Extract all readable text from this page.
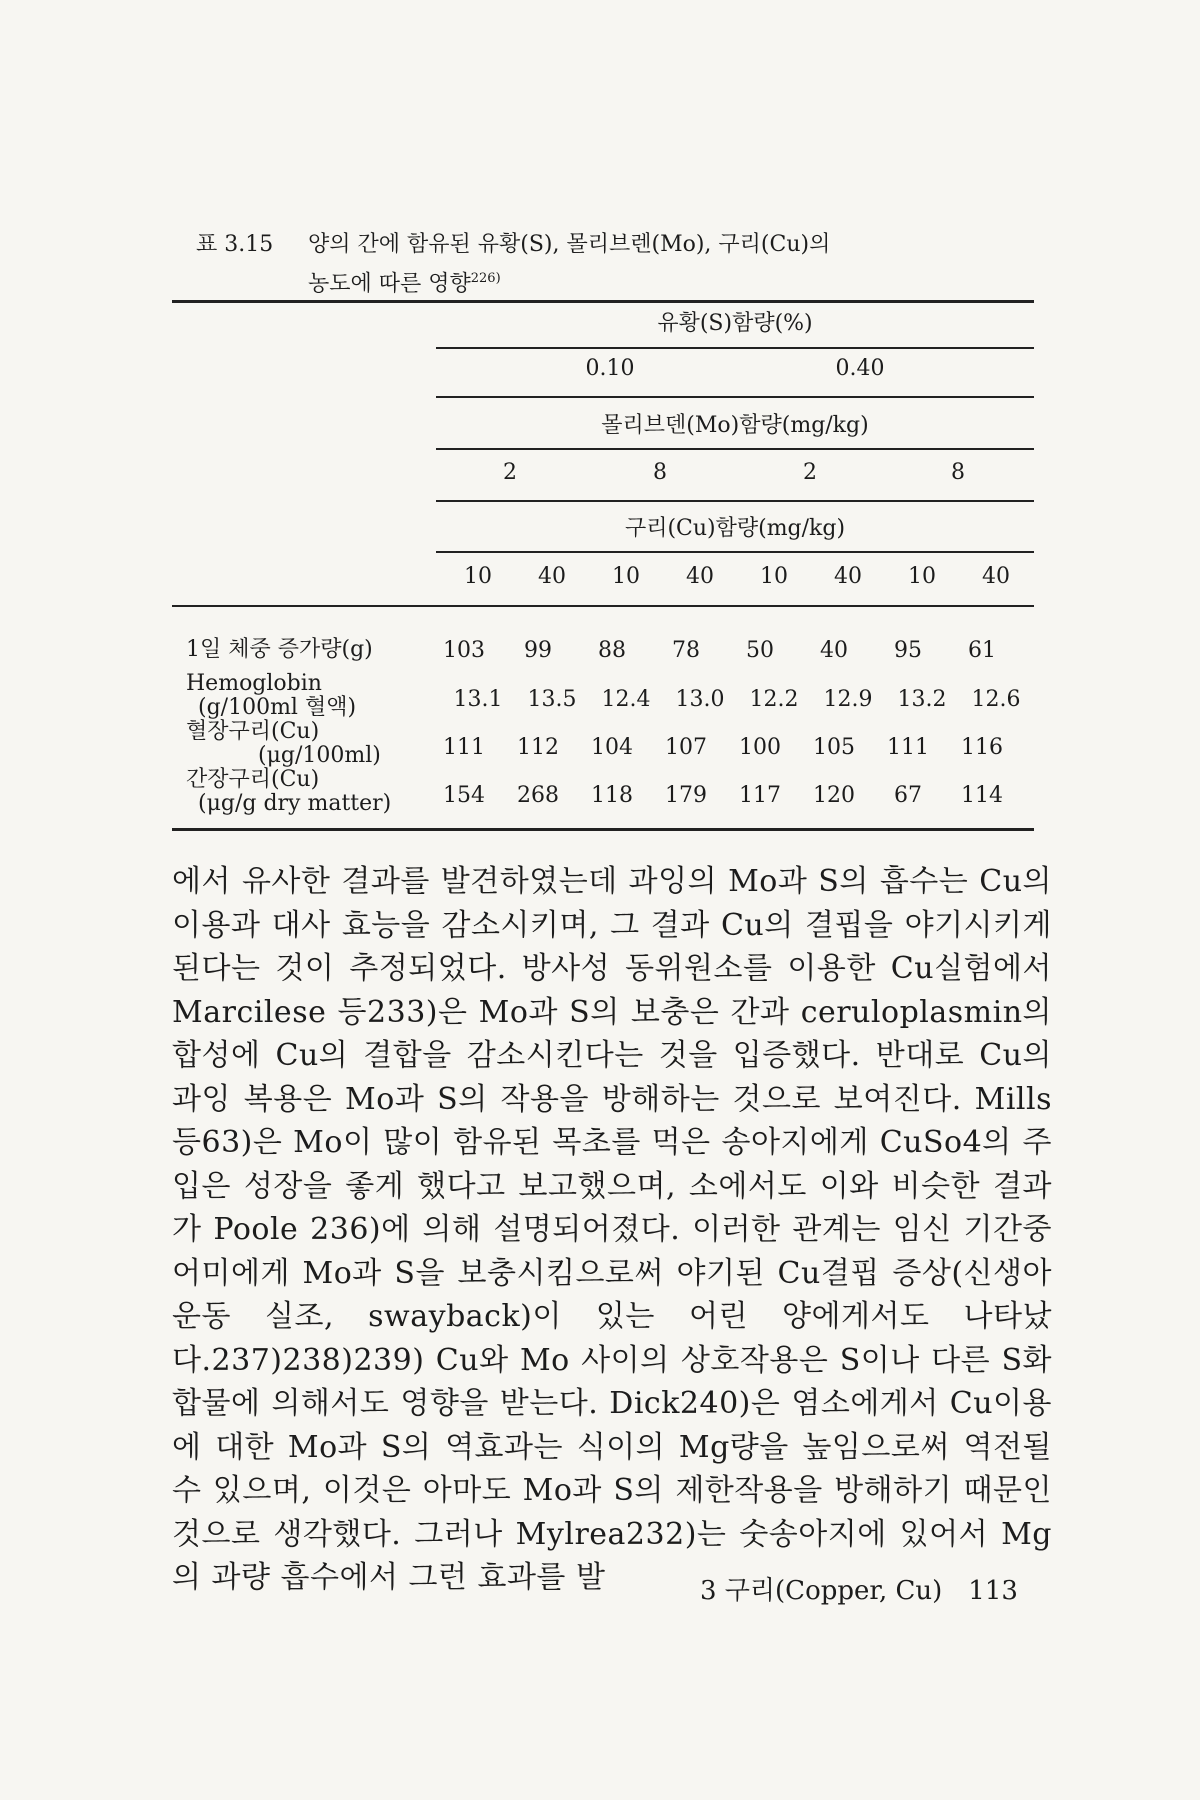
표 3.15 양의 간에 함유된 유황(S), 몰리브렌(Mo), 구리(Cu)의
농도에 따른 영향$^{226)}$
유황(S)함량(%)
0.10	0.40
몰리브덴(Mo)함량(mg/kg)
2	8	2	8
구리(Cu)함량(mg/kg)
10	40	10	40	10	40	10	40
1일 체중 증가량(g)	103	99	88	78	50	40	95	61
Hemoglobin
(g/100ml 혈액)	13.1 13.5 12.4 13.0 12.2 12.9 13.2 12.6
혈장구리(Cu)
(μg/100ml)	111	112	104	107	100	105	111	116
간장구리(Cu)
(μg/g dry matter)	154	268	118	179	117	120	67	114

에서 유사한 결과를 발견하였는데 과잉의 Mo과 S의 흡수는 Cu의 이용과 대사 효능을 감소시키며, 그 결과 Cu의 결핍을 야기시키게 된다는 것이 추정되었다. 방사성 동위원소를 이용한 Cu실험에서 Marcilese 등233)은 Mo과 S의 보충은 간과 ceruloplasmin의 합성에 Cu의 결합을 감소시킨다는 것을 입증했다. 반대로 Cu의 과잉 복용은 Mo과 S의 작용을 방해하는 것으로 보여진다. Mills 등63)은 Mo이 많이 함유된 목초를 먹은 송아지에게 CuSo4의 주입은 성장을 좋게 했다고 보고했으며, 소에서도 이와 비슷한 결과가 Poole 236)에 의해 설명되어졌다. 이러한 관계는 임신 기간중 어미에게 Mo과 S을 보충시킴으로써 야기된 Cu결핍 증상(신생아 운동 실조, swayback)이 있는 어린 양에게서도 나타났다.237)238)239) Cu와 Mo 사이의 상호작용은 S이나 다른 S화합물에 의해서도 영향을 받는다. Dick240)은 염소에게서 Cu이용에 대한 Mo과 S의 역효과는 식이의 Mg량을 높임으로써 역전될 수 있으며, 이것은 아마도 Mo과 S의 제한작용을 방해하기 때문인 것으로 생각했다. 그러나 Mylrea232)는 숫송아지에 있어서 Mg의 과량 흡수에서 그런 효과를 발	3 구리(Copper, Cu) 113
